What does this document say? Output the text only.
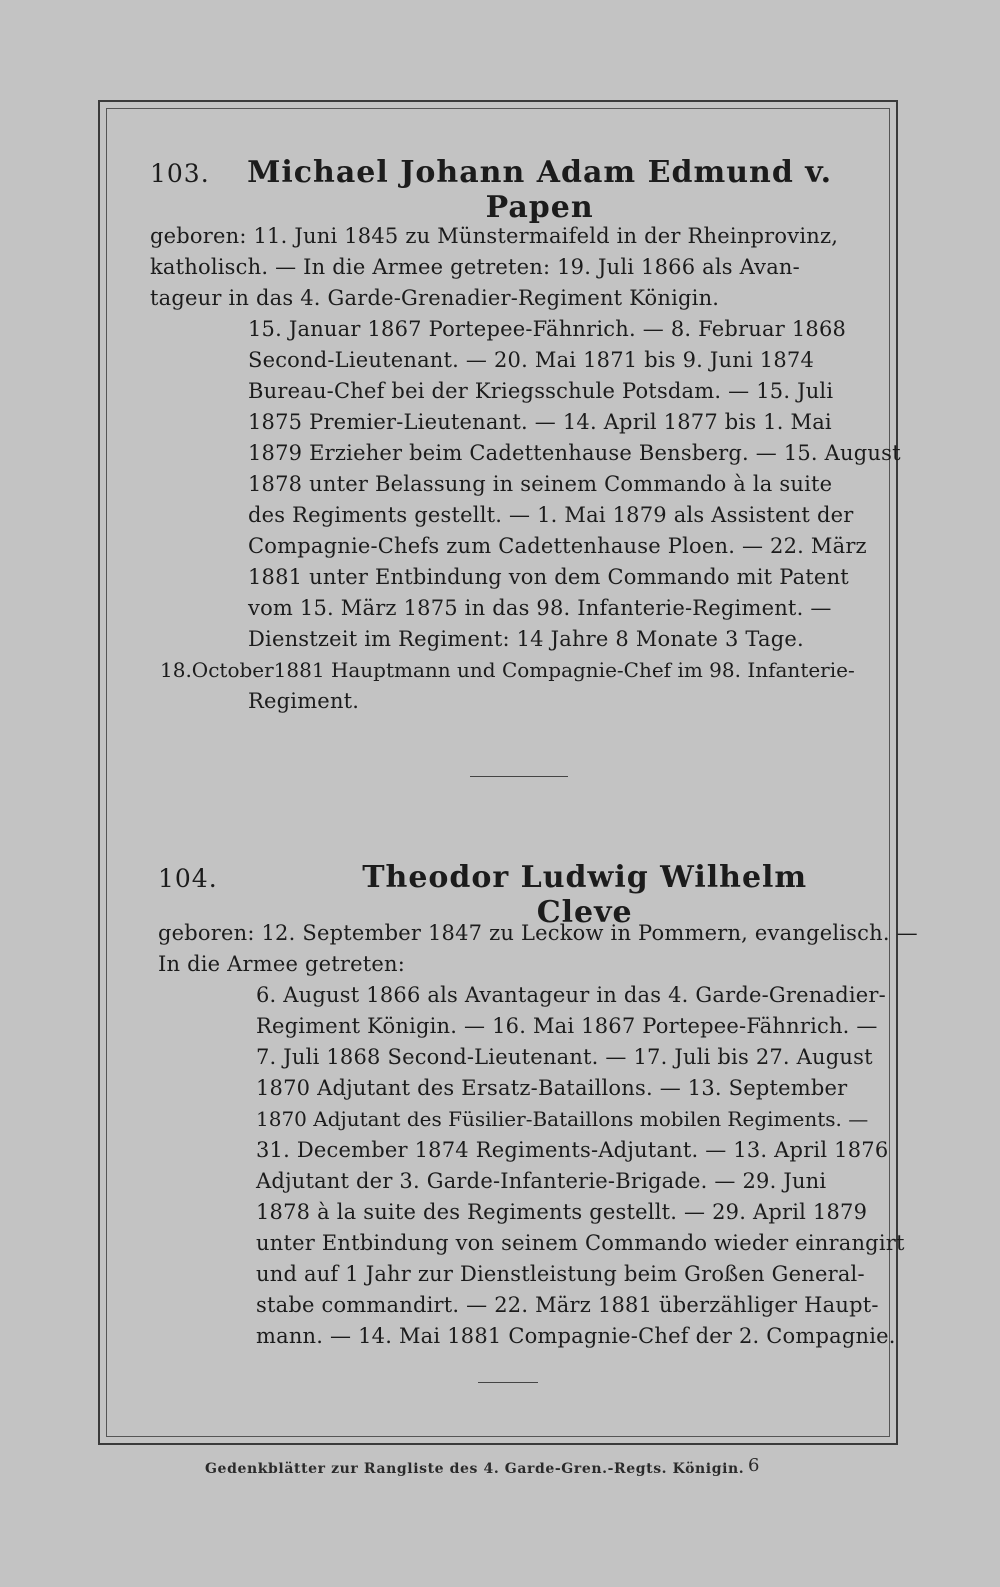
103.	Michael Johann Adam Edmund v. Papen
geboren: 11. Juni 1845 zu Münstermaifeld in der Rheinprovinz,
katholisch. — In die Armee getreten: 19. Juli 1866 als Avan-
tageur in das 4. Garde-Grenadier-Regiment Königin.
15. Januar 1867 Portepee-Fähnrich. — 8. Februar 1868
Second-Lieutenant. — 20. Mai 1871 bis 9. Juni 1874
Bureau-Chef bei der Kriegsschule Potsdam. — 15. Juli
1875 Premier-Lieutenant. — 14. April 1877 bis 1. Mai
1879 Erzieher beim Cadettenhause Bensberg. — 15. August
1878 unter Belassung in seinem Commando à la suite
des Regiments gestellt. — 1. Mai 1879 als Assistent der
Compagnie-Chefs zum Cadettenhause Ploen. — 22. März
1881 unter Entbindung von dem Commando mit Patent
vom 15. März 1875 in das 98. Infanterie-Regiment. —
Dienstzeit im Regiment: 14 Jahre 8 Monate 3 Tage.
18.October1881 Hauptmann und Compagnie-Chef im 98. Infanterie-
Regiment.
104.	Theodor Ludwig Wilhelm Cleve
geboren: 12. September 1847 zu Leckow in Pommern, evangelisch. —
In die Armee getreten:
6. August 1866 als Avantageur in das 4. Garde-Grenadier-
Regiment Königin. — 16. Mai 1867 Portepee-Fähnrich. —
7. Juli 1868 Second-Lieutenant. — 17. Juli bis 27. August
1870 Adjutant des Ersatz-Bataillons. — 13. September
1870 Adjutant des Füsilier-Bataillons mobilen Regiments. —
31. December 1874 Regiments-Adjutant. — 13. April 1876
Adjutant der 3. Garde-Infanterie-Brigade. — 29. Juni
1878 à la suite des Regiments gestellt. — 29. April 1879
unter Entbindung von seinem Commando wieder einrangirt
und auf 1 Jahr zur Dienstleistung beim Großen General-
stabe commandirt. — 22. März 1881 überzähliger Haupt-
mann. — 14. Mai 1881 Compagnie-Chef der 2. Compagnie.
Gedenkblätter zur Rangliste des 4. Garde-Gren.-Regts. Königin. 6
